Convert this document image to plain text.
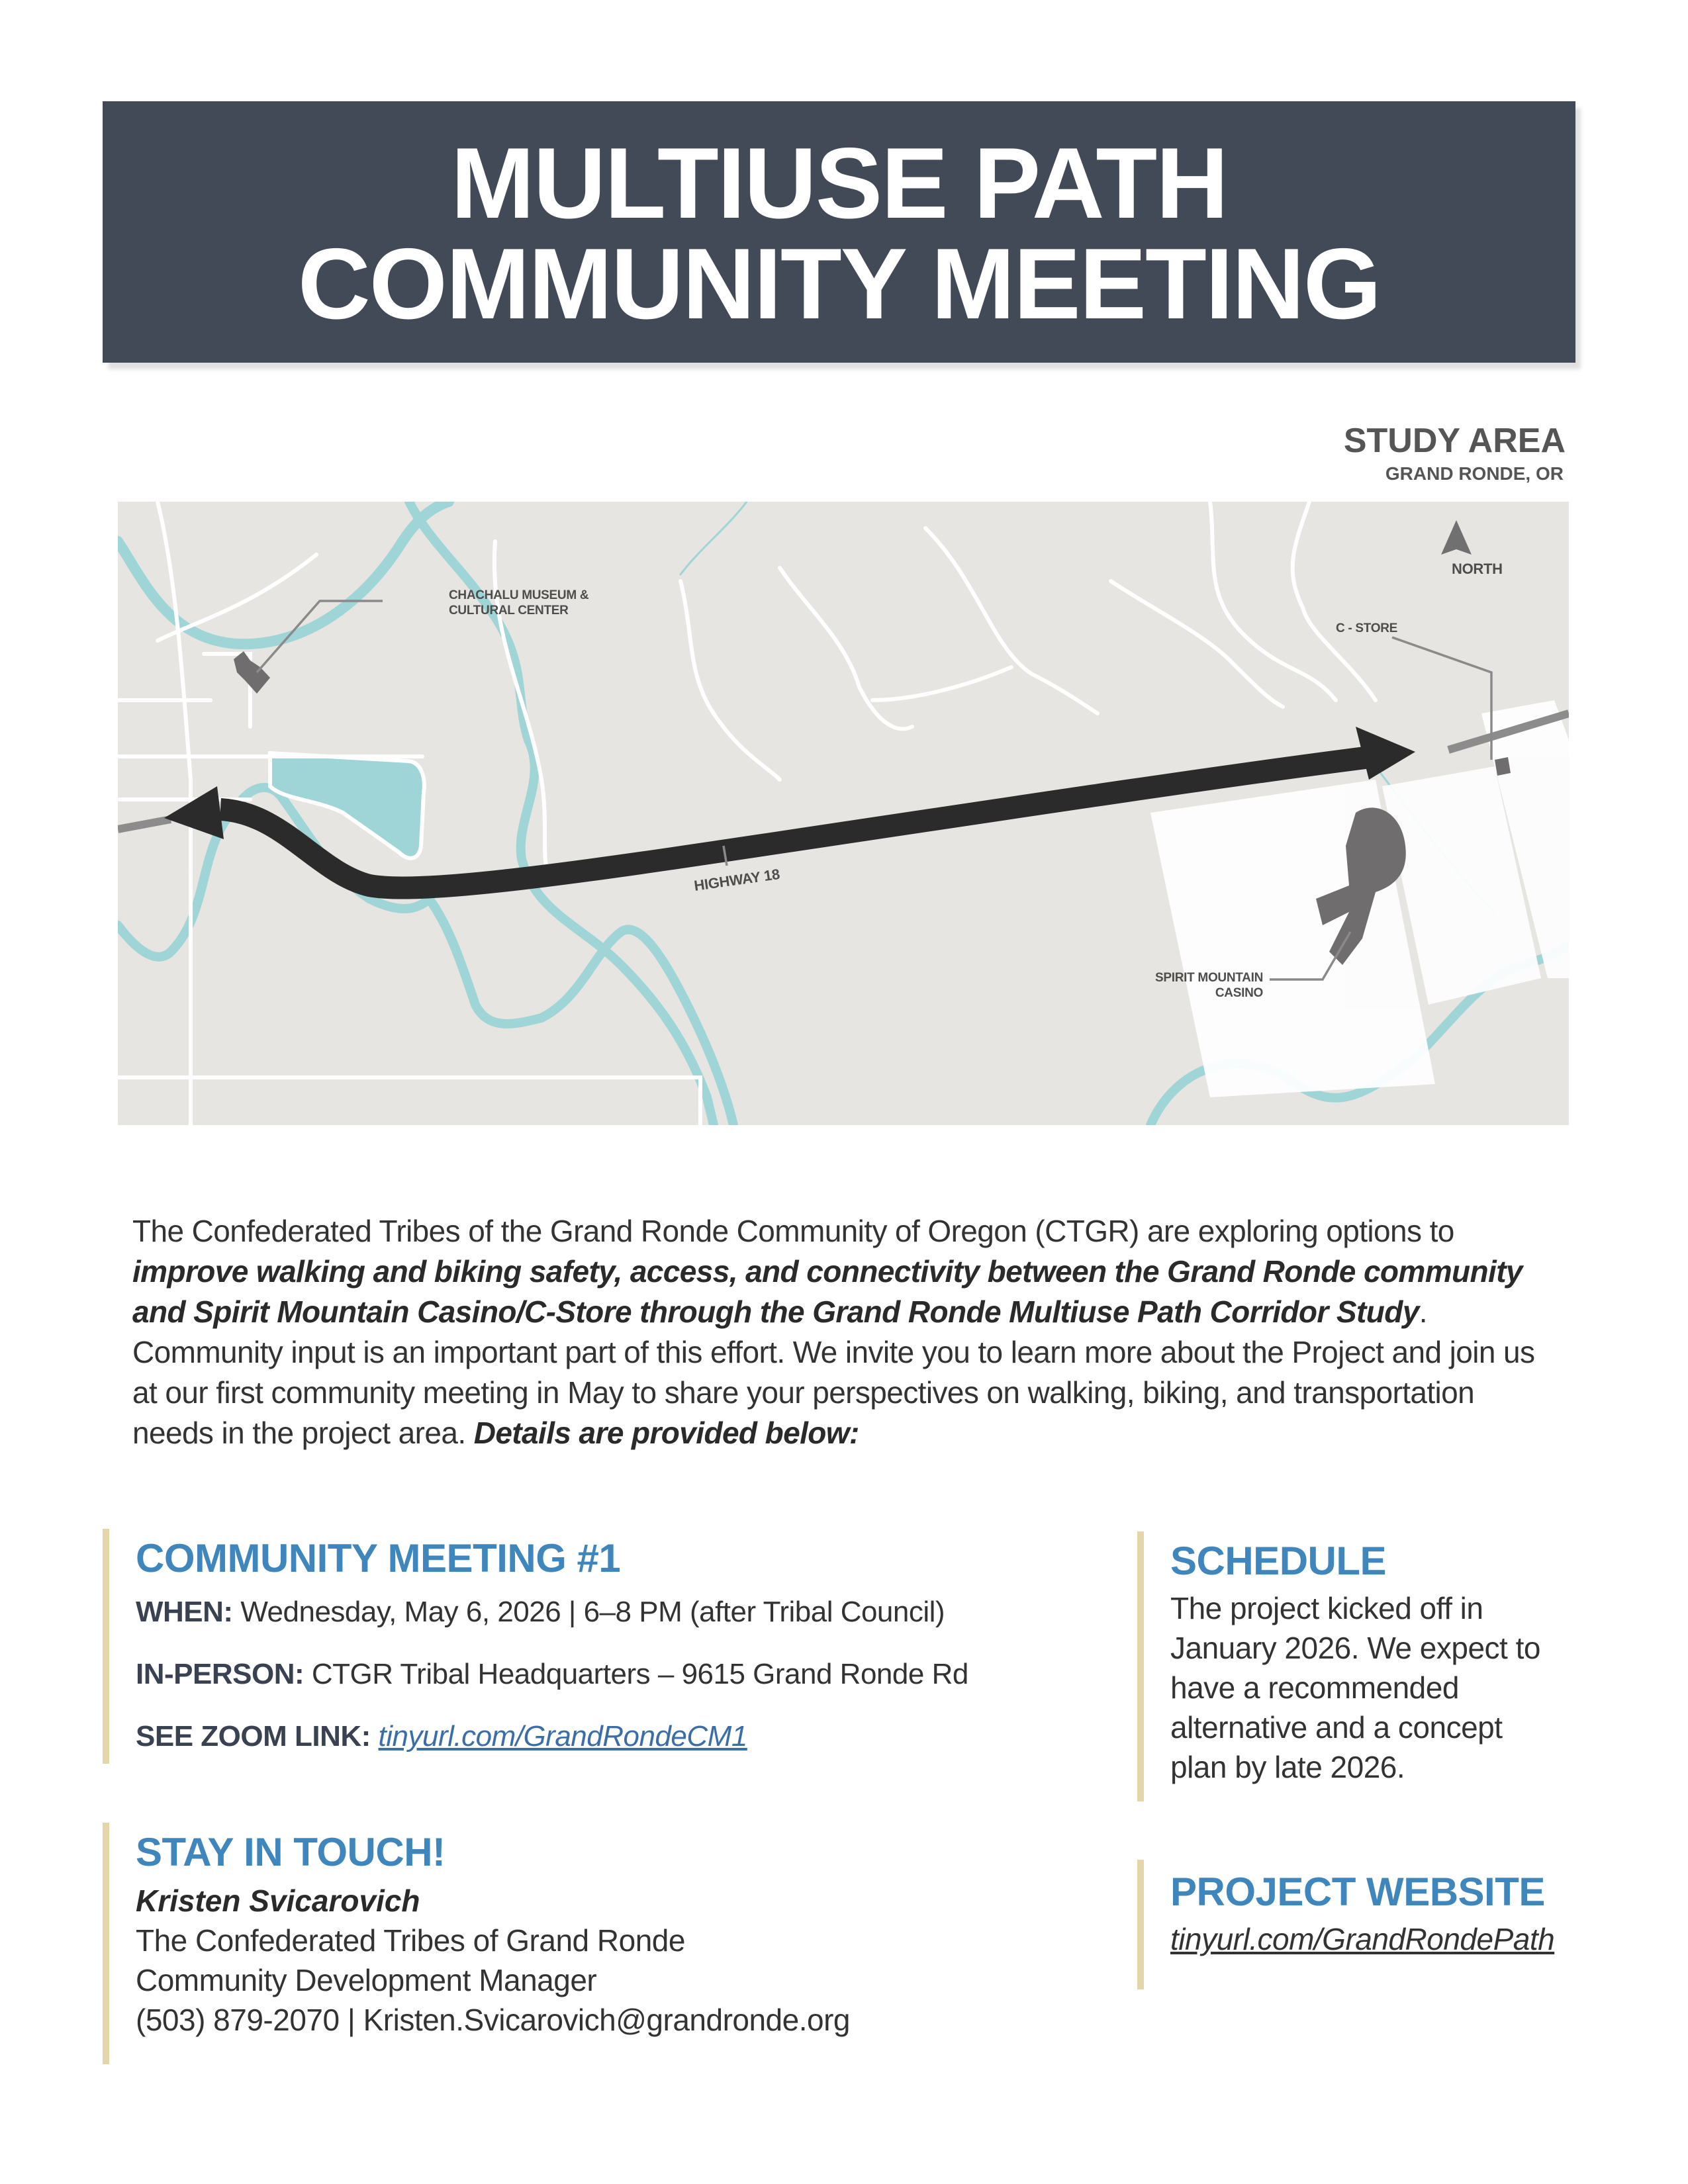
MULTIUSE PATH
COMMUNITY MEETING
STUDY AREA
GRAND RONDE, OR
NORTH
CHACHALU MUSEUM &
CULTURAL CENTER
C - STORE
HIGHWAY 18
SPIRIT MOUNTAIN
CASINO

The Confederated Tribes of the Grand Ronde Community of Oregon (CTGR) are exploring options to improve walking and biking safety, access, and connectivity between the Grand Ronde community and Spirit Mountain Casino/C-Store through the Grand Ronde Multiuse Path Corridor Study. Community input is an important part of this effort. We invite you to learn more about the Project and join us at our first community meeting in May to share your perspectives on walking, biking, and transportation needs in the project area. Details are provided below:

COMMUNITY MEETING #1
WHEN: Wednesday, May 6, 2026 | 6–8 PM (after Tribal Council)
IN-PERSON: CTGR Tribal Headquarters – 9615 Grand Ronde Rd
SEE ZOOM LINK: tinyurl.com/GrandRondeCM1
SCHEDULE
The project kicked off in January 2026. We expect to have a recommended alternative and a concept plan by late 2026.
STAY IN TOUCH!
Kristen Svicarovich
The Confederated Tribes of Grand Ronde
Community Development Manager
(503) 879-2070 | Kristen.Svicarovich@grandronde.org
PROJECT WEBSITE
tinyurl.com/GrandRondePath
